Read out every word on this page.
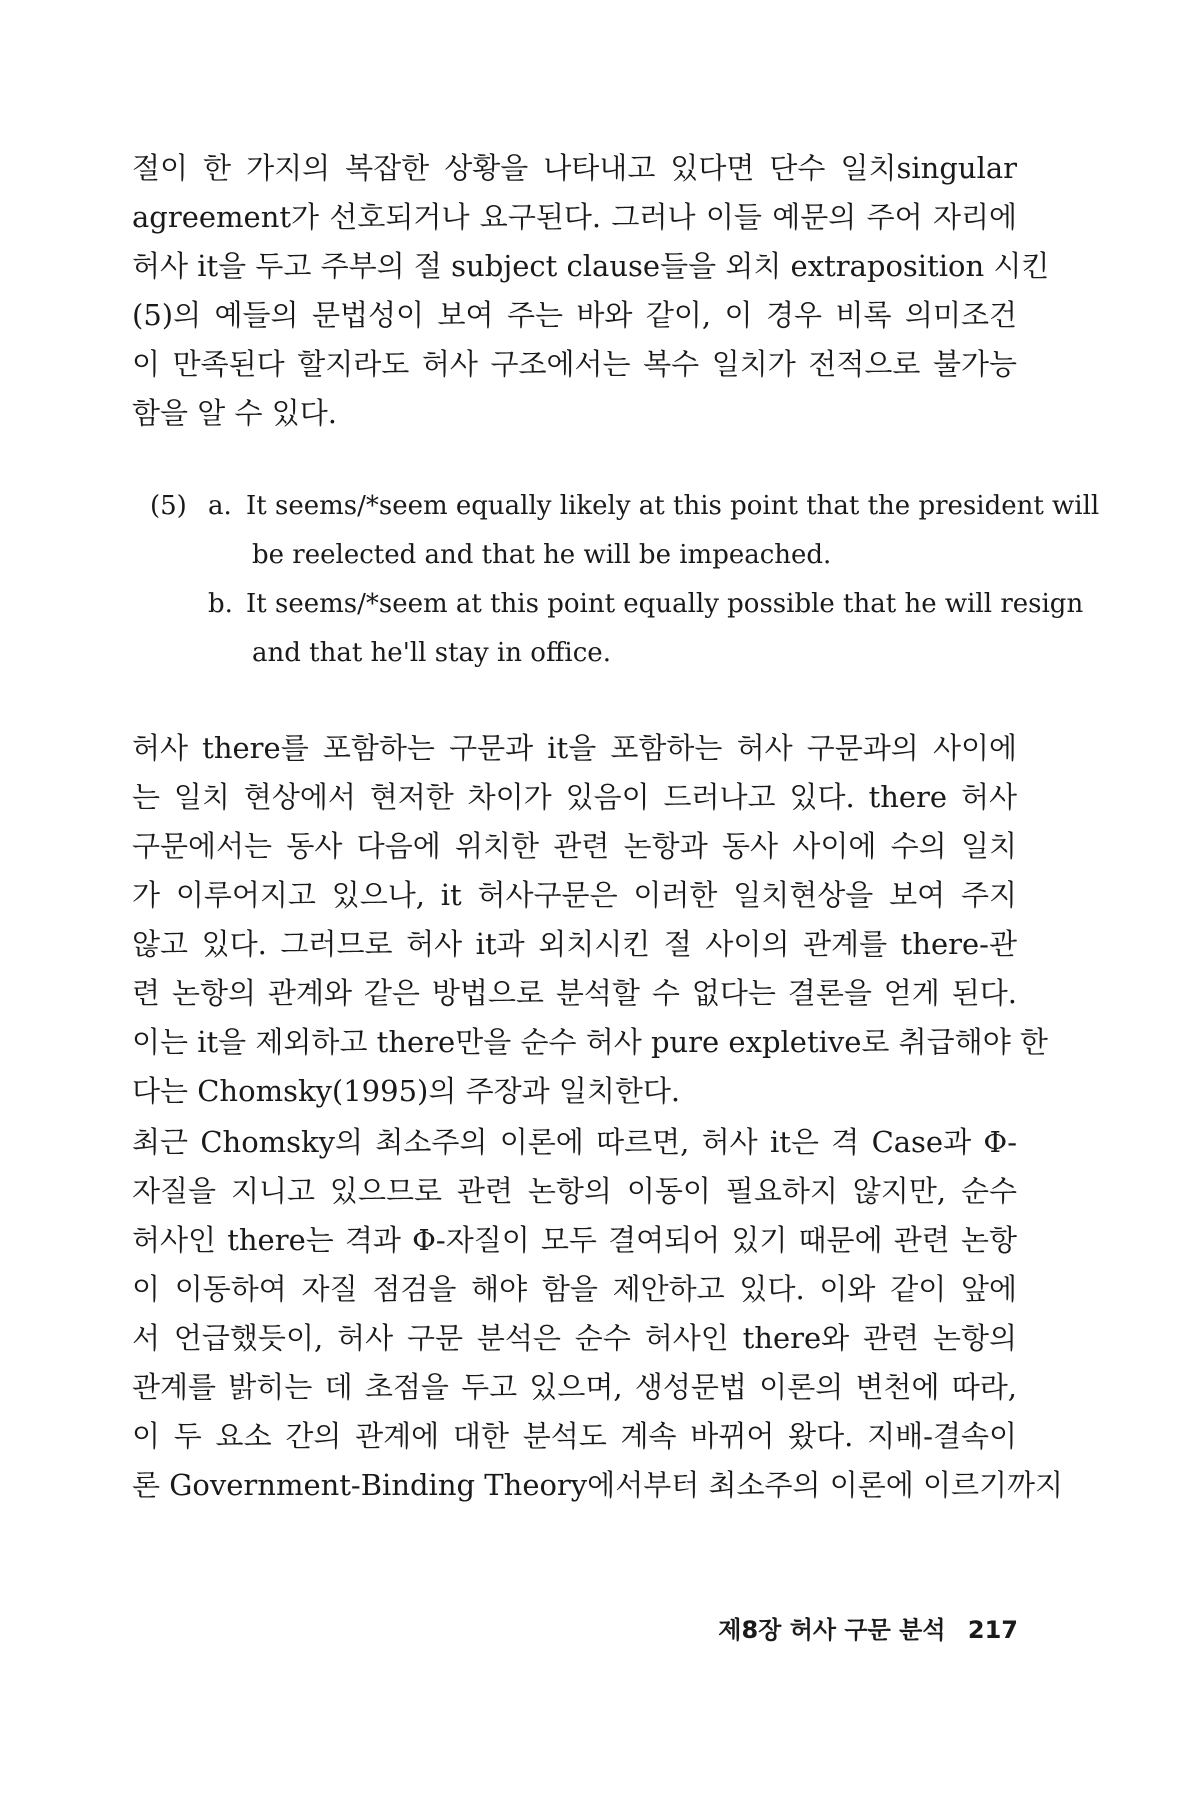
절이 한 가지의 복잡한 상황을 나타내고 있다면 단수 일치singular
agreement가 선호되거나 요구된다. 그러나 이들 예문의 주어 자리에
허사 it을 두고 주부의 절 subject clause들을 외치 extraposition 시킨
(5)의 예들의 문법성이 보여 주는 바와 같이, 이 경우 비록 의미조건
이 만족된다 할지라도 허사 구조에서는 복수 일치가 전적으로 불가능
함을 알 수 있다.
(5) a. It seems/*seem equally likely at this point that the president will
be reelected and that he will be impeached.
b. It seems/*seem at this point equally possible that he will resign
and that he'll stay in office.
허사 there를 포함하는 구문과 it을 포함하는 허사 구문과의 사이에
는 일치 현상에서 현저한 차이가 있음이 드러나고 있다. there 허사
구문에서는 동사 다음에 위치한 관련 논항과 동사 사이에 수의 일치
가 이루어지고 있으나, it 허사구문은 이러한 일치현상을 보여 주지
않고 있다. 그러므로 허사 it과 외치시킨 절 사이의 관계를 there-관
련 논항의 관계와 같은 방법으로 분석할 수 없다는 결론을 얻게 된다.
이는 it을 제외하고 there만을 순수 허사 pure expletive로 취급해야 한
다는 Chomsky(1995)의 주장과 일치한다.
최근 Chomsky의 최소주의 이론에 따르면, 허사 it은 격 Case과 Φ-
자질을 지니고 있으므로 관련 논항의 이동이 필요하지 않지만, 순수
허사인 there는 격과 Φ-자질이 모두 결여되어 있기 때문에 관련 논항
이 이동하여 자질 점검을 해야 함을 제안하고 있다. 이와 같이 앞에
서 언급했듯이, 허사 구문 분석은 순수 허사인 there와 관련 논항의
관계를 밝히는 데 초점을 두고 있으며, 생성문법 이론의 변천에 따라,
이 두 요소 간의 관계에 대한 분석도 계속 바뀌어 왔다. 지배-결속이
론 Government-Binding Theory에서부터 최소주의 이론에 이르기까지
제8장 허사 구문 분석 217
